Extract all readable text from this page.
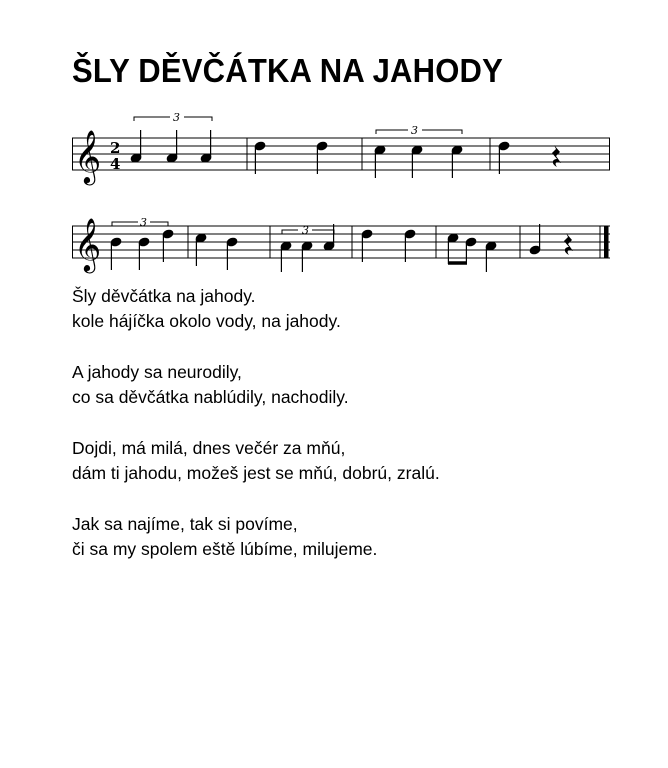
ŠLY DĚVČÁTKA NA JAHODY
𝄞 2
4
3
3
𝄞	3
3
Šly děvčátka na jahody.
kole hájíčka okolo vody, na jahody.
A jahody sa neurodily,
co sa děvčátka nablúdily, nachodily.
Dojdi, má milá, dnes večér za mňú,
dám ti jahodu, možeš jest se mňú, dobrú, zralú.
Jak sa najíme, tak si povíme,
či sa my spolem eště lúbíme, milujeme.
